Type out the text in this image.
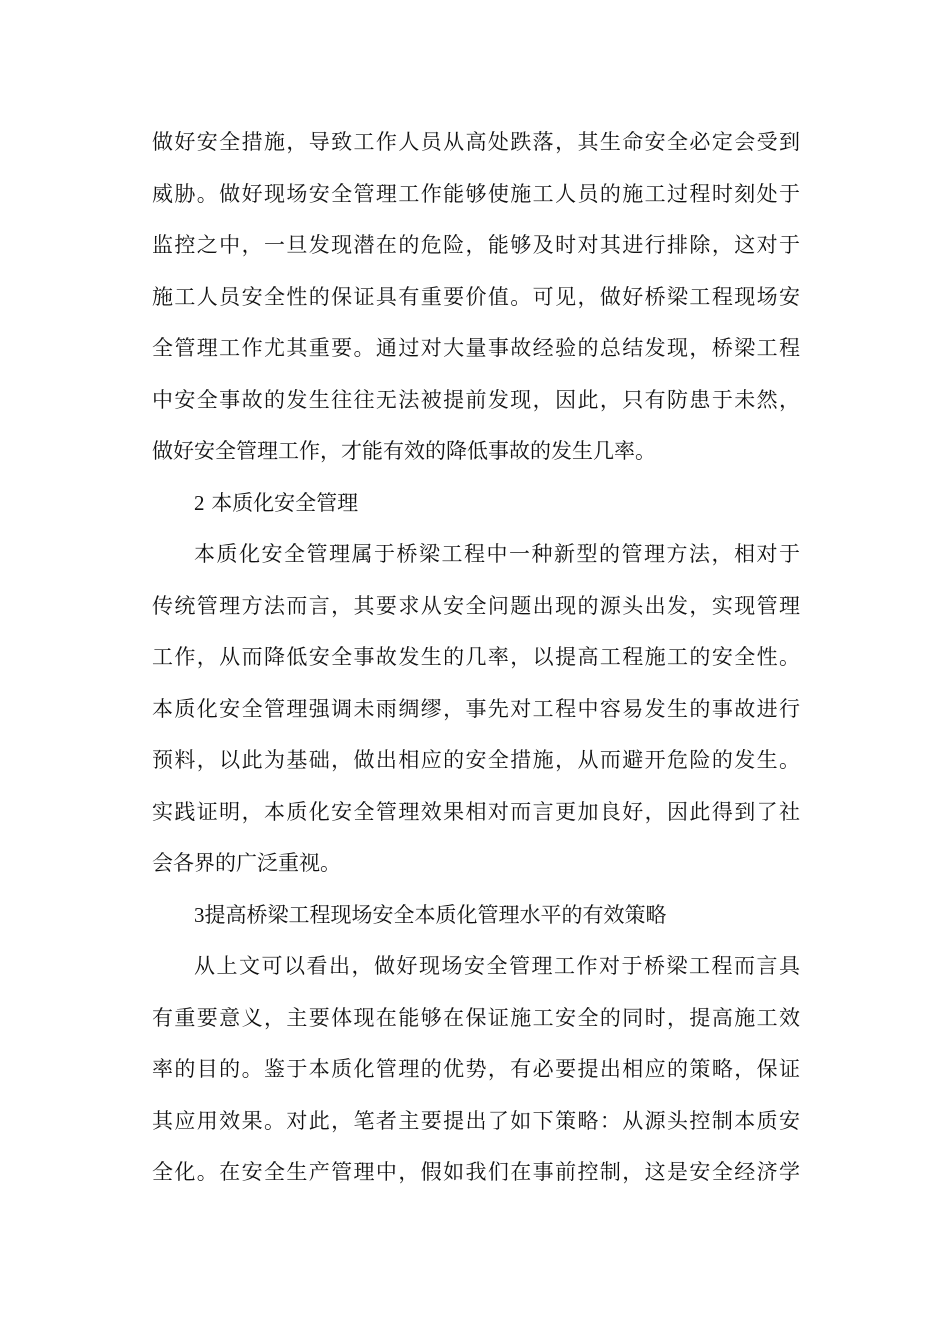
做好安全措施，导致工作人员从高处跌落，其生命安全必定会受到
威胁。做好现场安全管理工作能够使施工人员的施工过程时刻处于
监控之中，一旦发现潜在的危险，能够及时对其进行排除，这对于
施工人员安全性的保证具有重要价值。可见，做好桥梁工程现场安
全管理工作尤其重要。通过对大量事故经验的总结发现，桥梁工程
中安全事故的发生往往无法被提前发现，因此，只有防患于未然，
做好安全管理工作，才能有效的降低事故的发生几率。
2 本质化安全管理
本质化安全管理属于桥梁工程中一种新型的管理方法，相对于
传统管理方法而言，其要求从安全问题出现的源头出发，实现管理
工作，从而降低安全事故发生的几率，以提高工程施工的安全性。
本质化安全管理强调未雨绸缪，事先对工程中容易发生的事故进行
预料，以此为基础，做出相应的安全措施，从而避开危险的发生。
实践证明，本质化安全管理效果相对而言更加良好，因此得到了社
会各界的广泛重视。
3提高桥梁工程现场安全本质化管理水平的有效策略
从上文可以看出，做好现场安全管理工作对于桥梁工程而言具
有重要意义，主要体现在能够在保证施工安全的同时，提高施工效
率的目的。鉴于本质化管理的优势，有必要提出相应的策略，保证
其应用效果。对此，笔者主要提出了如下策略：从源头控制本质安
全化。在安全生产管理中，假如我们在事前控制，这是安全经济学
